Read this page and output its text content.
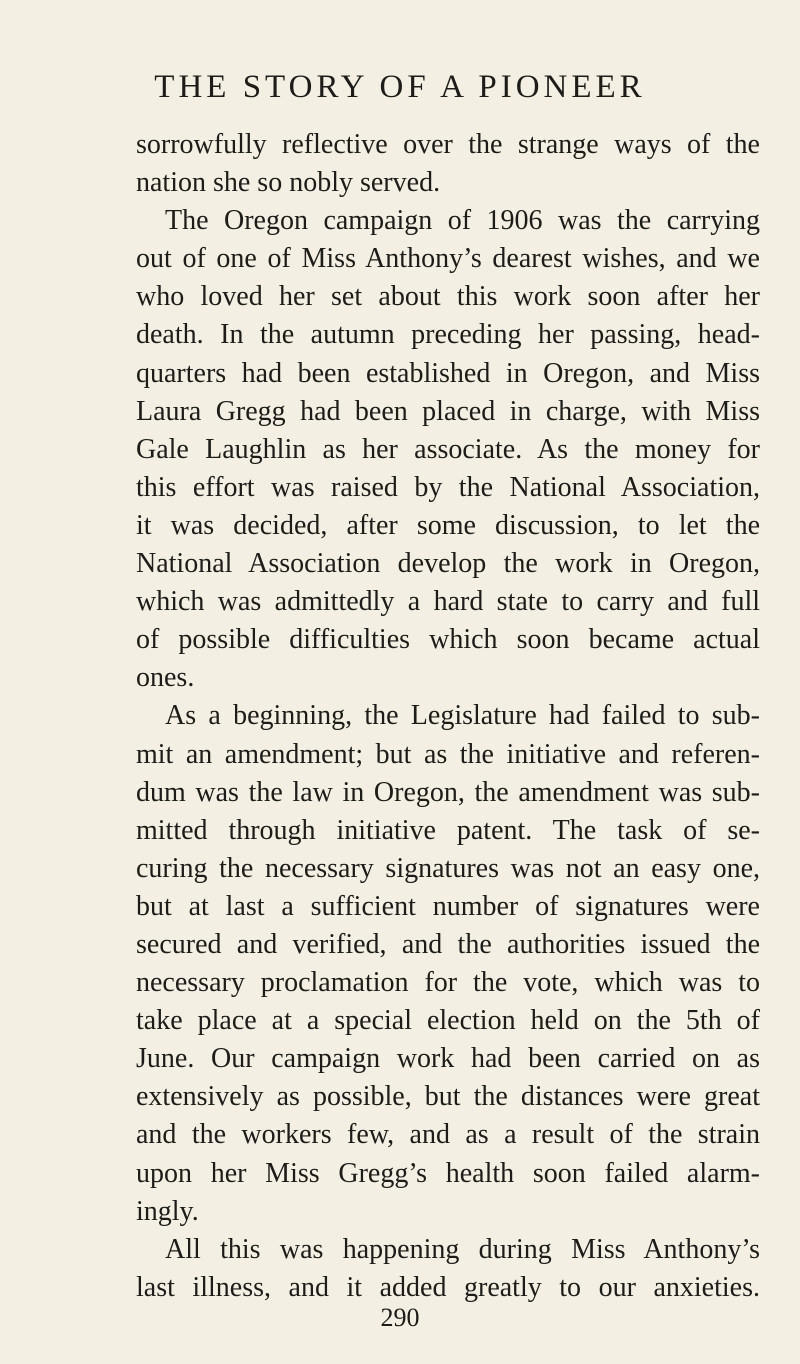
THE STORY OF A PIONEER
sorrowfully reflective over the strange ways of the
nation she so nobly served.
The Oregon campaign of 1906 was the carrying
out of one of Miss Anthony’s dearest wishes, and we
who loved her set about this work soon after her
death. In the autumn preceding her passing, head-
quarters had been established in Oregon, and Miss
Laura Gregg had been placed in charge, with Miss
Gale Laughlin as her associate. As the money for
this effort was raised by the National Association,
it was decided, after some discussion, to let the
National Association develop the work in Oregon,
which was admittedly a hard state to carry and full
of possible difficulties which soon became actual
ones.
As a beginning, the Legislature had failed to sub-
mit an amendment; but as the initiative and referen-
dum was the law in Oregon, the amendment was sub-
mitted through initiative patent. The task of se-
curing the necessary signatures was not an easy one,
but at last a sufficient number of signatures were
secured and verified, and the authorities issued the
necessary proclamation for the vote, which was to
take place at a special election held on the 5th of
June. Our campaign work had been carried on as
extensively as possible, but the distances were great
and the workers few, and as a result of the strain
upon her Miss Gregg’s health soon failed alarm-
ingly.
All this was happening during Miss Anthony’s
last illness, and it added greatly to our anxieties.
290
